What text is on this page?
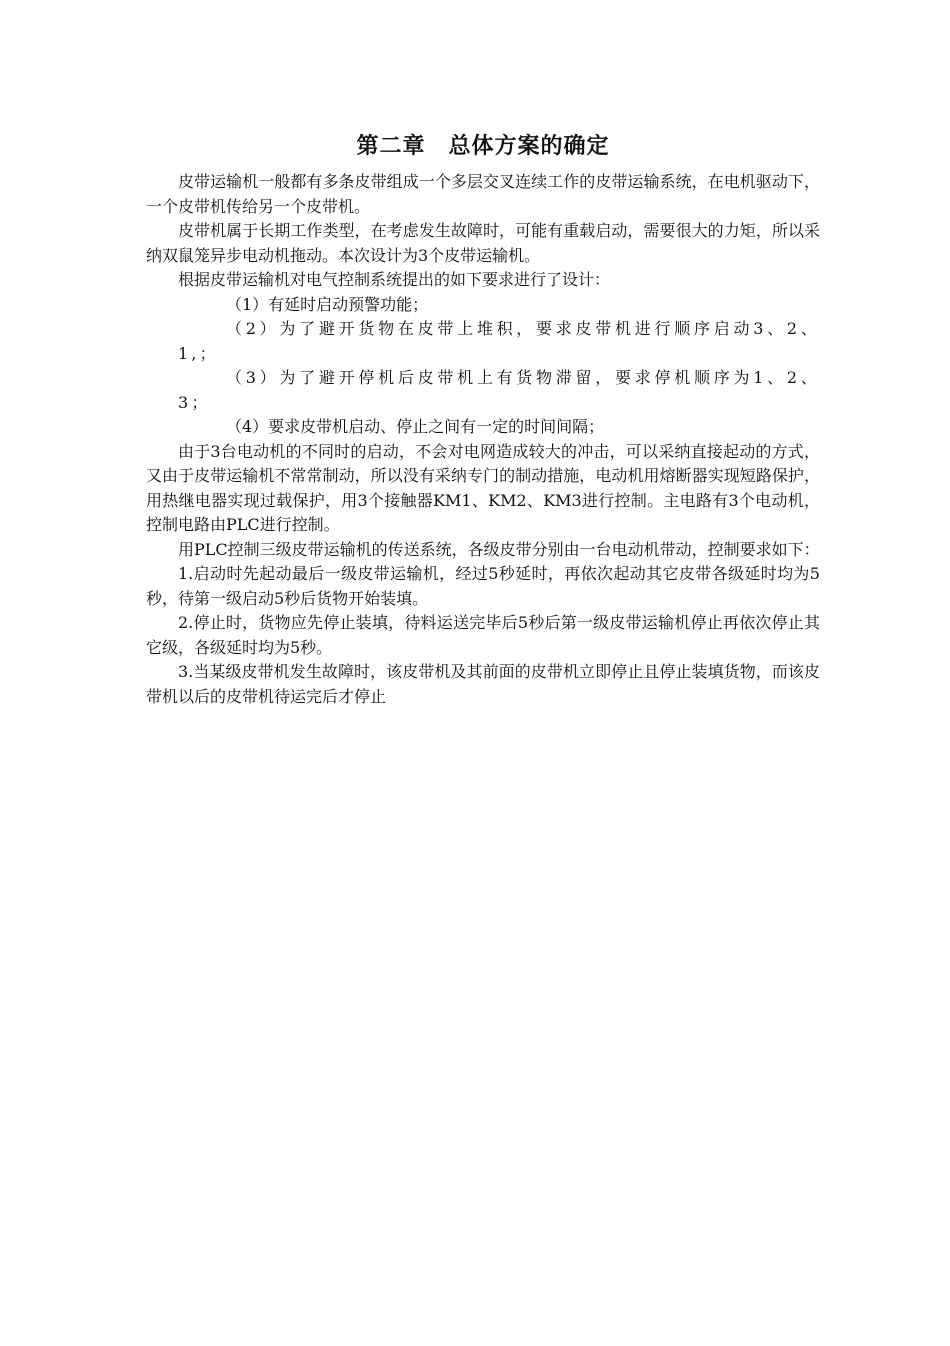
第二章　总体方案的确定

皮带运输机一般都有多条皮带组成一个多层交叉连续工作的皮带运输系统，在电机驱动下，一个皮带机传给另一个皮带机。

皮带机属于长期工作类型，在考虑发生故障时，可能有重载启动，需要很大的力矩，所以采纳双鼠笼异步电动机拖动。本次设计为3个皮带运输机。

根据皮带运输机对电气控制系统提出的如下要求进行了设计：

（1）有延时启动预警功能；

（2）为了避开货物在皮带上堆积，要求皮带机进行顺序启动3、2、1,；

（3）为了避开停机后皮带机上有货物滞留，要求停机顺序为1、2、3；

（4）要求皮带机启动、停止之间有一定的时间间隔；

由于3台电动机的不同时的启动，不会对电网造成较大的冲击，可以采纳直接起动的方式，又由于皮带运输机不常常制动，所以没有采纳专门的制动措施，电动机用熔断器实现短路保护，用热继电器实现过载保护，用3个接触器KM1、KM2、KM3进行控制。主电路有3个电动机，控制电路由PLC进行控制。

用PLC控制三级皮带运输机的传送系统，各级皮带分别由一台电动机带动，控制要求如下：

1.启动时先起动最后一级皮带运输机，经过5秒延时，再依次起动其它皮带各级延时均为5秒，待第一级启动5秒后货物开始装填。

2.停止时，货物应先停止装填，待料运送完毕后5秒后第一级皮带运输机停止再依次停止其它级，各级延时均为5秒。

3.当某级皮带机发生故障时，该皮带机及其前面的皮带机立即停止且停止装填货物，而该皮带机以后的皮带机待运完后才停止
